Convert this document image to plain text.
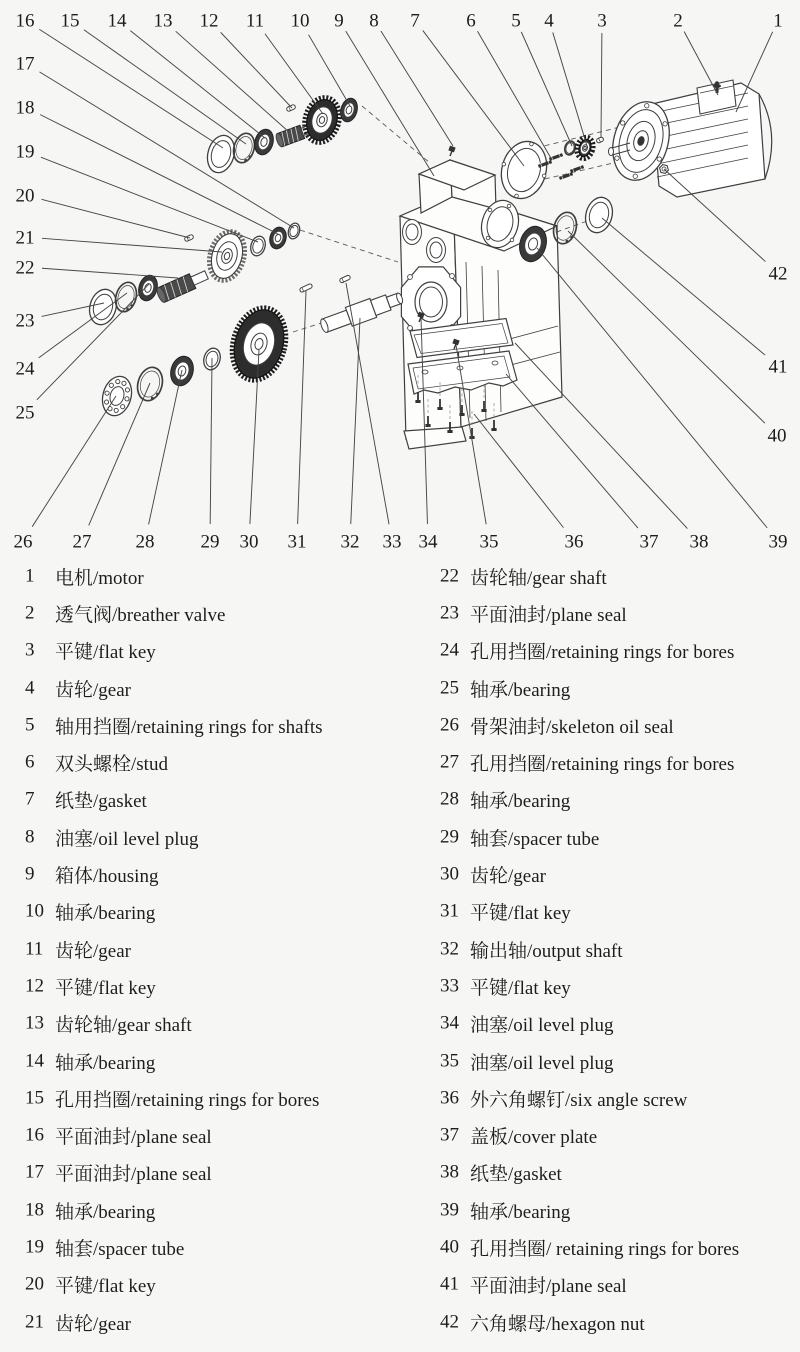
1
2
3
4
5
6
7
8
9
10
11
12
13
14
15
16
17
18
19
20
21
22
23
24
25
26 27 28 29 30 31 32 33 34 35	36	37 38	39
40
41
42
1 电机/motor
2 透气阀/breather valve
3 平键/flat key
4 齿轮/gear
5 轴用挡圈/retaining rings for shafts
6 双头螺栓/stud
7 纸垫/gasket
8 油塞/oil level plug
9 箱体/housing
10 轴承/bearing
11 齿轮/gear
12 平键/flat key
13 齿轮轴/gear shaft
14 轴承/bearing
15 孔用挡圈/retaining rings for bores
16 平面油封/plane seal
17 平面油封/plane seal
18 轴承/bearing
19 轴套/spacer tube
20 平键/flat key
21 齿轮/gear
22 齿轮轴/gear shaft
23 平面油封/plane seal
24 孔用挡圈/retaining rings for bores
25 轴承/bearing
26 骨架油封/skeleton oil seal
27 孔用挡圈/retaining rings for bores
28 轴承/bearing
29 轴套/spacer tube
30 齿轮/gear
31 平键/flat key
32 输出轴/output shaft
33 平键/flat key
34 油塞/oil level plug
35 油塞/oil level plug
36 外六角螺钉/six angle screw
37 盖板/cover plate
38 纸垫/gasket
39 轴承/bearing
40 孔用挡圈/ retaining rings for bores
41 平面油封/plane seal
42 六角螺母/hexagon nut
